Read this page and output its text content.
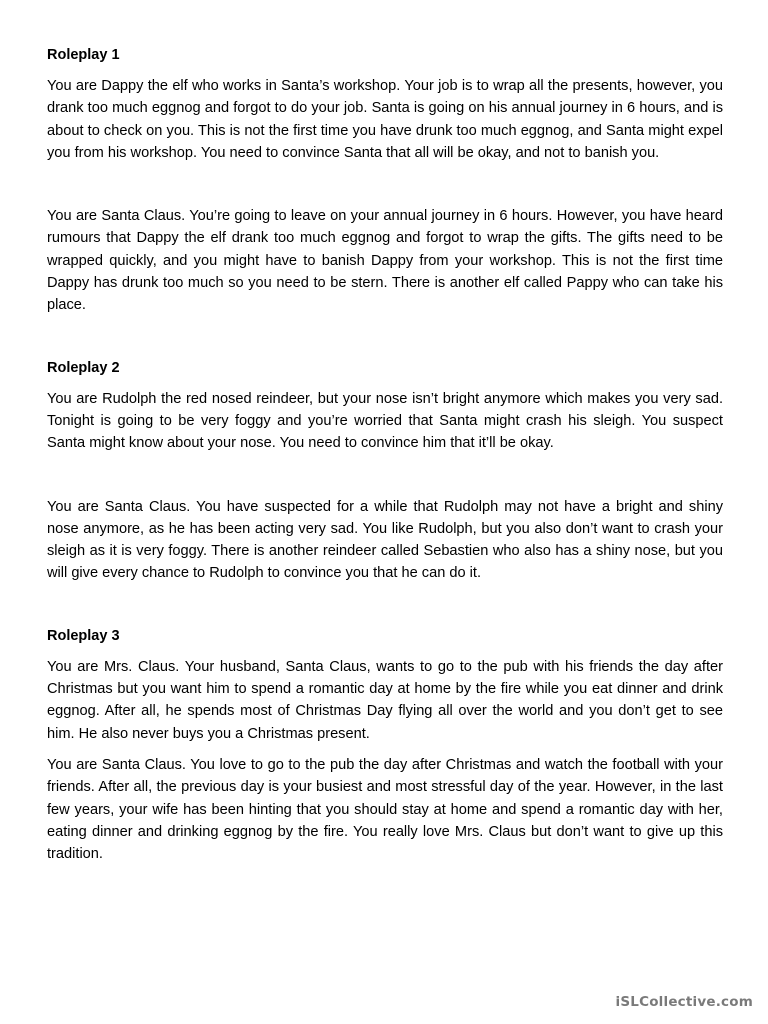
Roleplay 1

You are Dappy the elf who works in Santa’s workshop. Your job is to wrap all the presents, however, you drank too much eggnog and forgot to do your job. Santa is going on his annual journey in 6 hours, and is about to check on you. This is not the first time you have drunk too much eggnog, and Santa might expel you from his workshop. You need to convince Santa that all will be okay, and not to banish you.

You are Santa Claus. You’re going to leave on your annual journey in 6 hours. However, you have heard rumours that Dappy the elf drank too much eggnog and forgot to wrap the gifts. The gifts need to be wrapped quickly, and you might have to banish Dappy from your workshop. This is not the first time Dappy has drunk too much so you need to be stern. There is another elf called Pappy who can take his place.

Roleplay 2

You are Rudolph the red nosed reindeer, but your nose isn’t bright anymore which makes you very sad. Tonight is going to be very foggy and you’re worried that Santa might crash his sleigh. You suspect Santa might know about your nose. You need to convince him that it’ll be okay.

You are Santa Claus. You have suspected for a while that Rudolph may not have a bright and shiny nose anymore, as he has been acting very sad. You like Rudolph, but you also don’t want to crash your sleigh as it is very foggy. There is another reindeer called Sebastien who also has a shiny nose, but you will give every chance to Rudolph to convince you that he can do it.

Roleplay 3

You are Mrs. Claus. Your husband, Santa Claus, wants to go to the pub with his friends the day after Christmas but you want him to spend a romantic day at home by the fire while you eat dinner and drink eggnog. After all, he spends most of Christmas Day flying all over the world and you don’t get to see him. He also never buys you a Christmas present.

You are Santa Claus. You love to go to the pub the day after Christmas and watch the football with your friends. After all, the previous day is your busiest and most stressful day of the year. However, in the last few years, your wife has been hinting that you should stay at home and spend a romantic day with her, eating dinner and drinking eggnog by the fire. You really love Mrs. Claus but don’t want to give up this tradition.

iSLCollective.com
